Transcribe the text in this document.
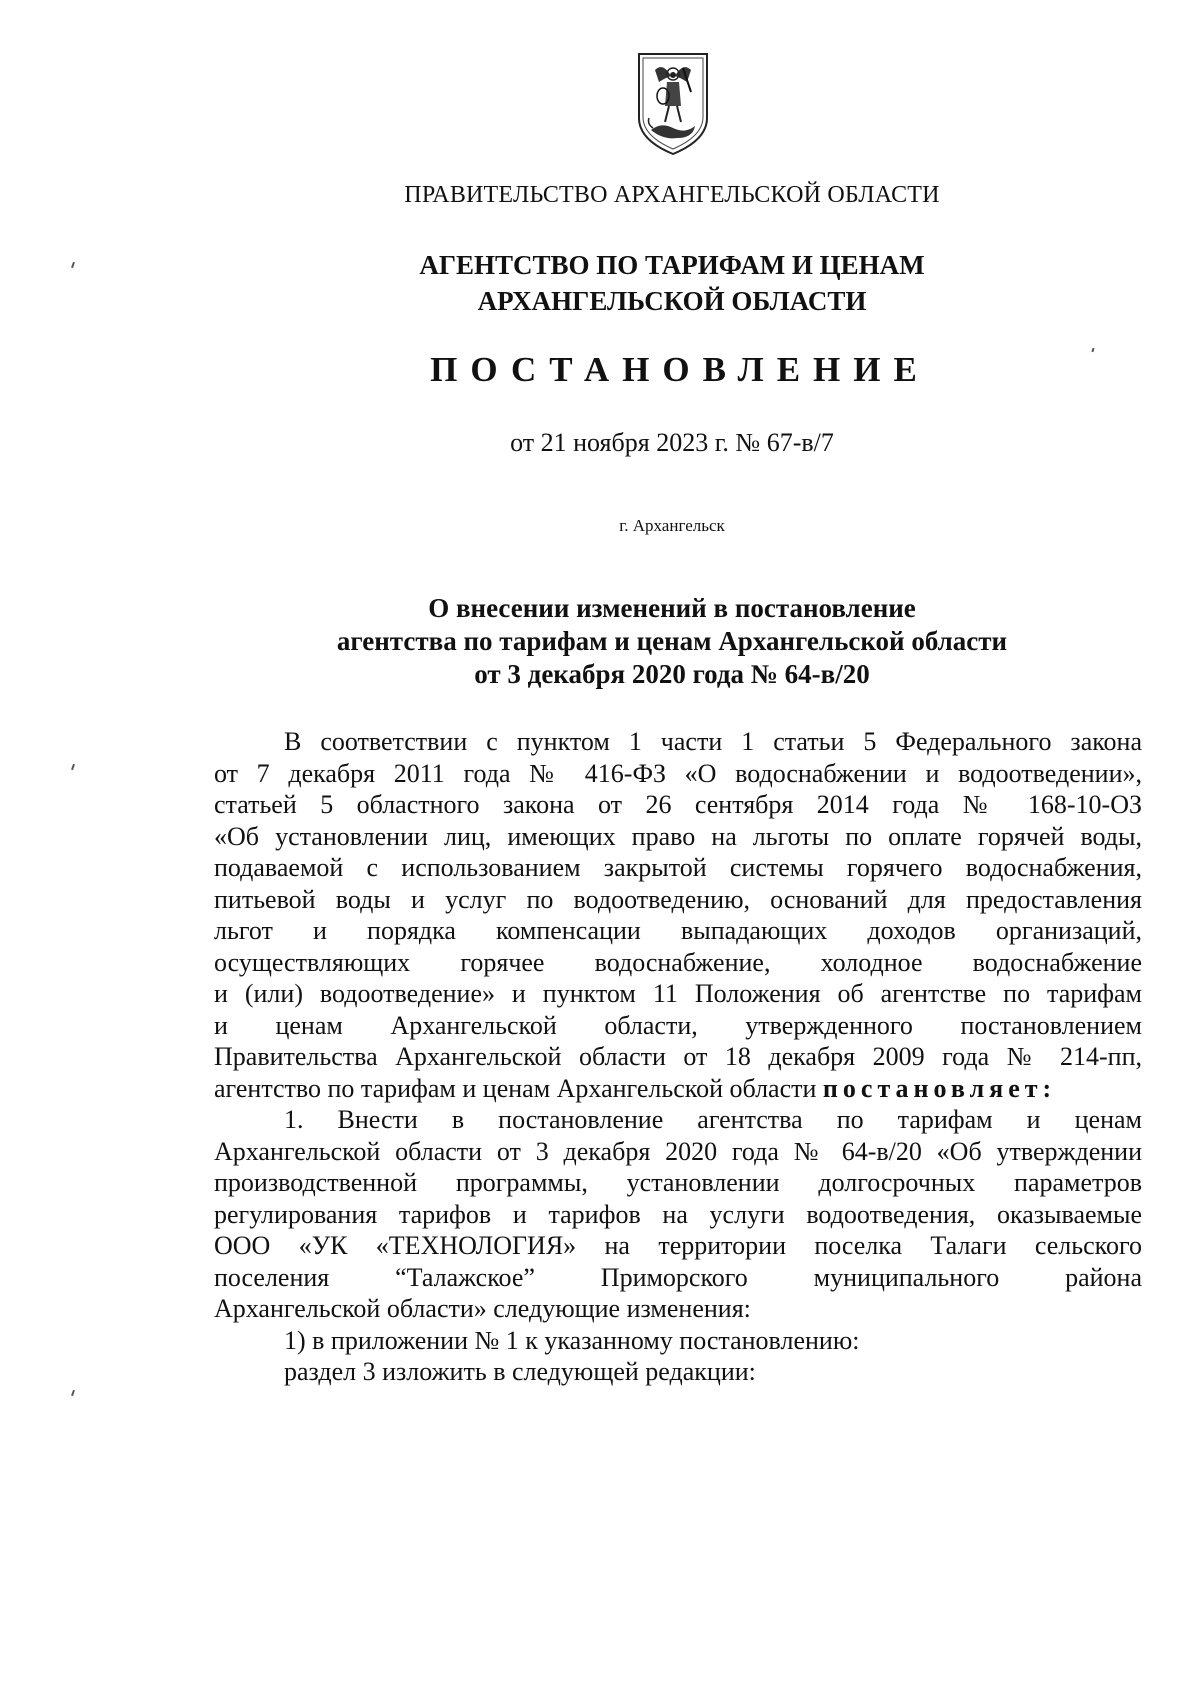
ПРАВИТЕЛЬСТВО АРХАНГЕЛЬСКОЙ ОБЛАСТИ
АГЕНТСТВО ПО ТАРИФАМ И ЦЕНАМ
АРХАНГЕЛЬСКОЙ ОБЛАСТИ
ПОСТАНОВЛЕНИЕ
от 21 ноября 2023 г. № 67-в/7
г. Архангельск
О внесении изменений в постановление
агентства по тарифам и ценам Архангельской области
от 3 декабря 2020 года № 64-в/20
В соответствии с пунктом 1 части 1 статьи 5 Федерального закона
от 7 декабря 2011 года № 416-ФЗ «О водоснабжении и водоотведении»,
статьей 5 областного закона от 26 сентября 2014 года № 168-10-ОЗ
«Об установлении лиц, имеющих право на льготы по оплате горячей воды,
подаваемой с использованием закрытой системы горячего водоснабжения,
питьевой воды и услуг по водоотведению, оснований для предоставления
льгот и порядка компенсации выпадающих доходов организаций,
осуществляющих горячее водоснабжение, холодное водоснабжение
и (или) водоотведение» и пунктом 11 Положения об агентстве по тарифам
и ценам Архангельской области, утвержденного постановлением
Правительства Архангельской области от 18 декабря 2009 года № 214-пп,
агентство по тарифам и ценам Архангельской области постановляет:
1. Внести в постановление агентства по тарифам и ценам
Архангельской области от 3 декабря 2020 года № 64-в/20 «Об утверждении
производственной программы, установлении долгосрочных параметров
регулирования тарифов и тарифов на услуги водоотведения, оказываемые
ООО «УК «ТЕХНОЛОГИЯ» на территории поселка Талаги сельского
поселения “Талажское” Приморского муниципального района
Архангельской области» следующие изменения:
1) в приложении № 1 к указанному постановлению:
раздел 3 изложить в следующей редакции:
